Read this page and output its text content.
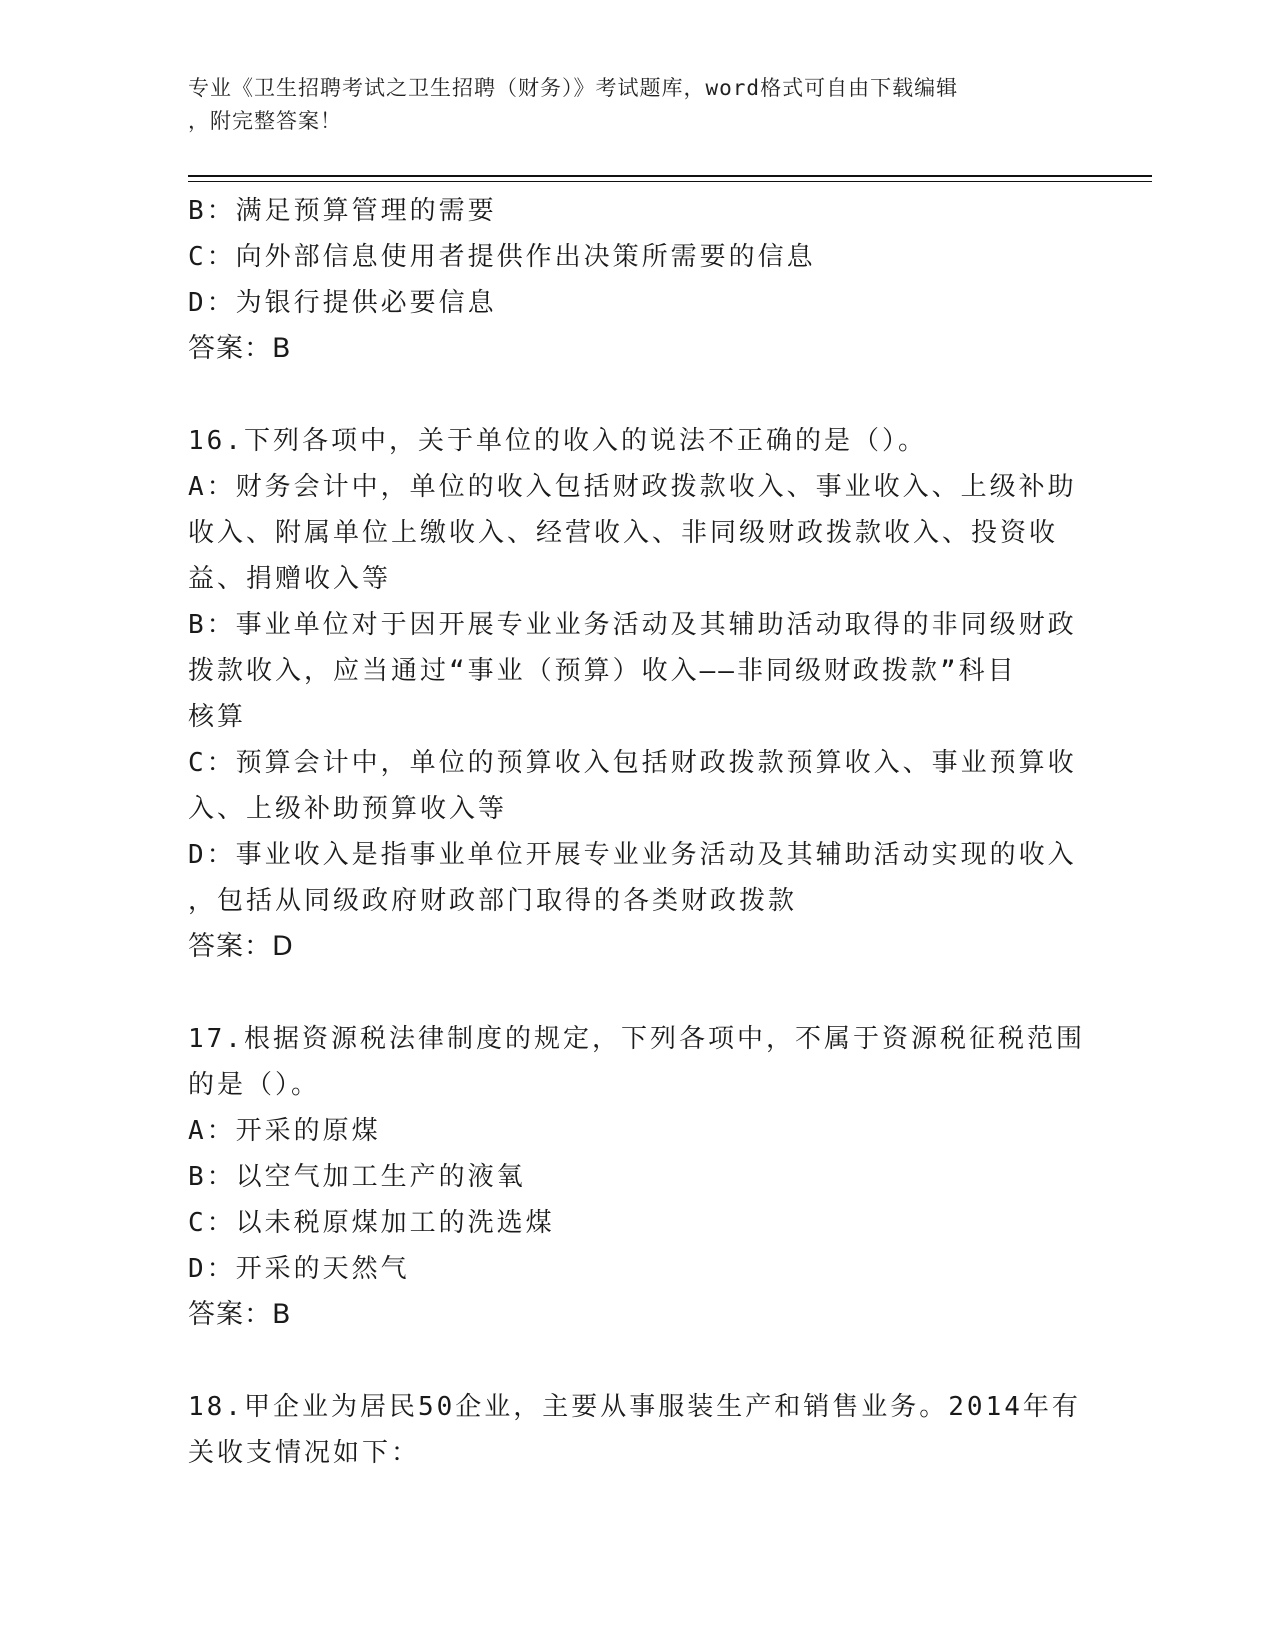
专业《卫生招聘考试之卫生招聘（财务）》考试题库，word格式可自由下载编辑
，附完整答案！
B：满足预算管理的需要
C：向外部信息使用者提供作出决策所需要的信息
D：为银行提供必要信息
答案：B
16.下列各项中，关于单位的收入的说法不正确的是（）。
A：财务会计中，单位的收入包括财政拨款收入、事业收入、上级补助
收入、附属单位上缴收入、经营收入、非同级财政拨款收入、投资收
益、捐赠收入等
B：事业单位对于因开展专业业务活动及其辅助活动取得的非同级财政
拨款收入，应当通过“事业（预算）收入——非同级财政拨款”科目
核算
C：预算会计中，单位的预算收入包括财政拨款预算收入、事业预算收
入、上级补助预算收入等
D：事业收入是指事业单位开展专业业务活动及其辅助活动实现的收入
，包括从同级政府财政部门取得的各类财政拨款
答案：D
17.根据资源税法律制度的规定，下列各项中，不属于资源税征税范围
的是（）。
A：开采的原煤
B：以空气加工生产的液氧
C：以未税原煤加工的洗选煤
D：开采的天然气
答案：B
18.甲企业为居民50企业，主要从事服装生产和销售业务。2014年有
关收支情况如下：
